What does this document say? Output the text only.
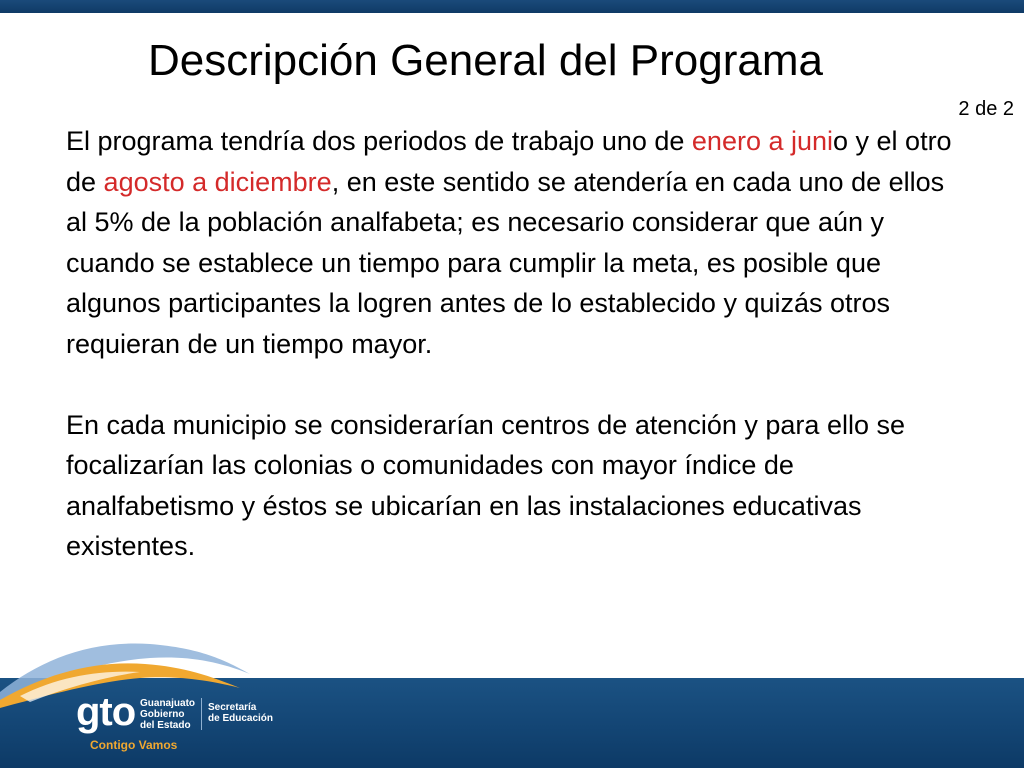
Descripción General del Programa
2 de 2

El programa tendría dos periodos de trabajo uno de enero a junio y el otro de agosto a diciembre, en este sentido se atendería en cada uno de ellos al 5% de la población analfabeta; es necesario considerar que aún y cuando se establece un tiempo para cumplir la meta, es posible que algunos participantes la logren antes de lo establecido y quizás otros requieran de un tiempo mayor.

En cada municipio se considerarían centros de atención y para ello se focalizarían las colonias o comunidades con mayor índice de analfabetismo y éstos se ubicarían en las instalaciones educativas existentes.

gto Guanajuato
Gobierno
del Estado
Secretaría
de Educación
Contigo Vamos
